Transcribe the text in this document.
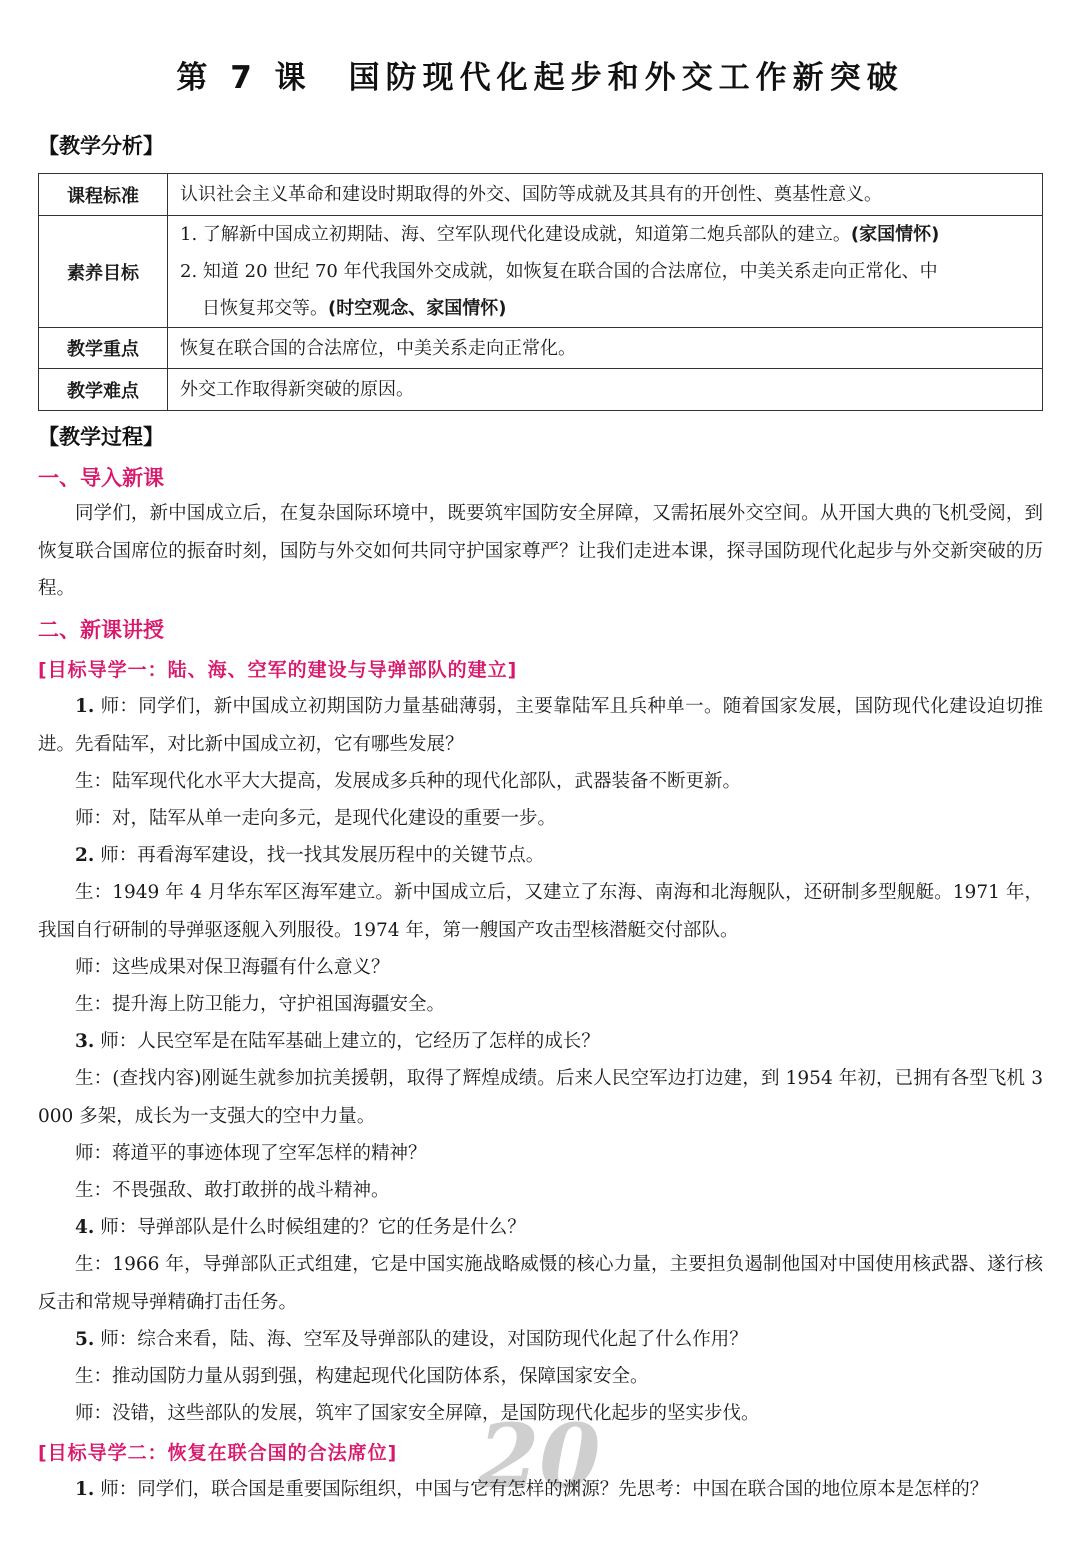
第 7 课　国防现代化起步和外交工作新突破
【教学分析】
课程标准	认识社会主义革命和建设时期取得的外交、国防等成就及其具有的开创性、奠基性意义。
素养目标	1. 了解新中国成立初期陆、海、空军队现代化建设成就，知道第二炮兵部队的建立。(家国情怀)
2. 知道 20 世纪 70 年代我国外交成就，如恢复在联合国的合法席位，中美关系走向正常化、中
日恢复邦交等。(时空观念、家国情怀)

教学重点	恢复在联合国的合法席位，中美关系走向正常化。
教学难点	外交工作取得新突破的原因。
【教学过程】
一、导入新课

同学们，新中国成立后，在复杂国际环境中，既要筑牢国防安全屏障，又需拓展外交空间。从开国大典的飞机受阅，到恢复联合国席位的振奋时刻，国防与外交如何共同守护国家尊严？让我们走进本课，探寻国防现代化起步与外交新突破的历程。

二、新课讲授
[目标导学一：陆、海、空军的建设与导弹部队的建立]

1. 师：同学们，新中国成立初期国防力量基础薄弱，主要靠陆军且兵种单一。随着国家发展，国防现代化建设迫切推进。先看陆军，对比新中国成立初，它有哪些发展？

生：陆军现代化水平大大提高，发展成多兵种的现代化部队，武器装备不断更新。

师：对，陆军从单一走向多元，是现代化建设的重要一步。

2. 师：再看海军建设，找一找其发展历程中的关键节点。

生：1949 年 4 月华东军区海军建立。新中国成立后，又建立了东海、南海和北海舰队，还研制多型舰艇。1971 年，我国自行研制的导弹驱逐舰入列服役。1974 年，第一艘国产攻击型核潜艇交付部队。

师：这些成果对保卫海疆有什么意义？

生：提升海上防卫能力，守护祖国海疆安全。

3. 师：人民空军是在陆军基础上建立的，它经历了怎样的成长？

生：(查找内容)刚诞生就参加抗美援朝，取得了辉煌成绩。后来人民空军边打边建，到 1954 年初，已拥有各型飞机 3 000 多架，成长为一支强大的空中力量。

师：蒋道平的事迹体现了空军怎样的精神？

生：不畏强敌、敢打敢拼的战斗精神。

4. 师：导弹部队是什么时候组建的？它的任务是什么？

生：1966 年，导弹部队正式组建，它是中国实施战略威慑的核心力量，主要担负遏制他国对中国使用核武器、遂行核反击和常规导弹精确打击任务。

5. 师：综合来看，陆、海、空军及导弹部队的建设，对国防现代化起了什么作用？

生：推动国防力量从弱到强，构建起现代化国防体系，保障国家安全。

师：没错，这些部队的发展，筑牢了国家安全屏障，是国防现代化起步的坚实步伐。

20
[目标导学二：恢复在联合国的合法席位]

1. 师：同学们，联合国是重要国际组织，中国与它有怎样的渊源？先思考：中国在联合国的地位原本是怎样的？
